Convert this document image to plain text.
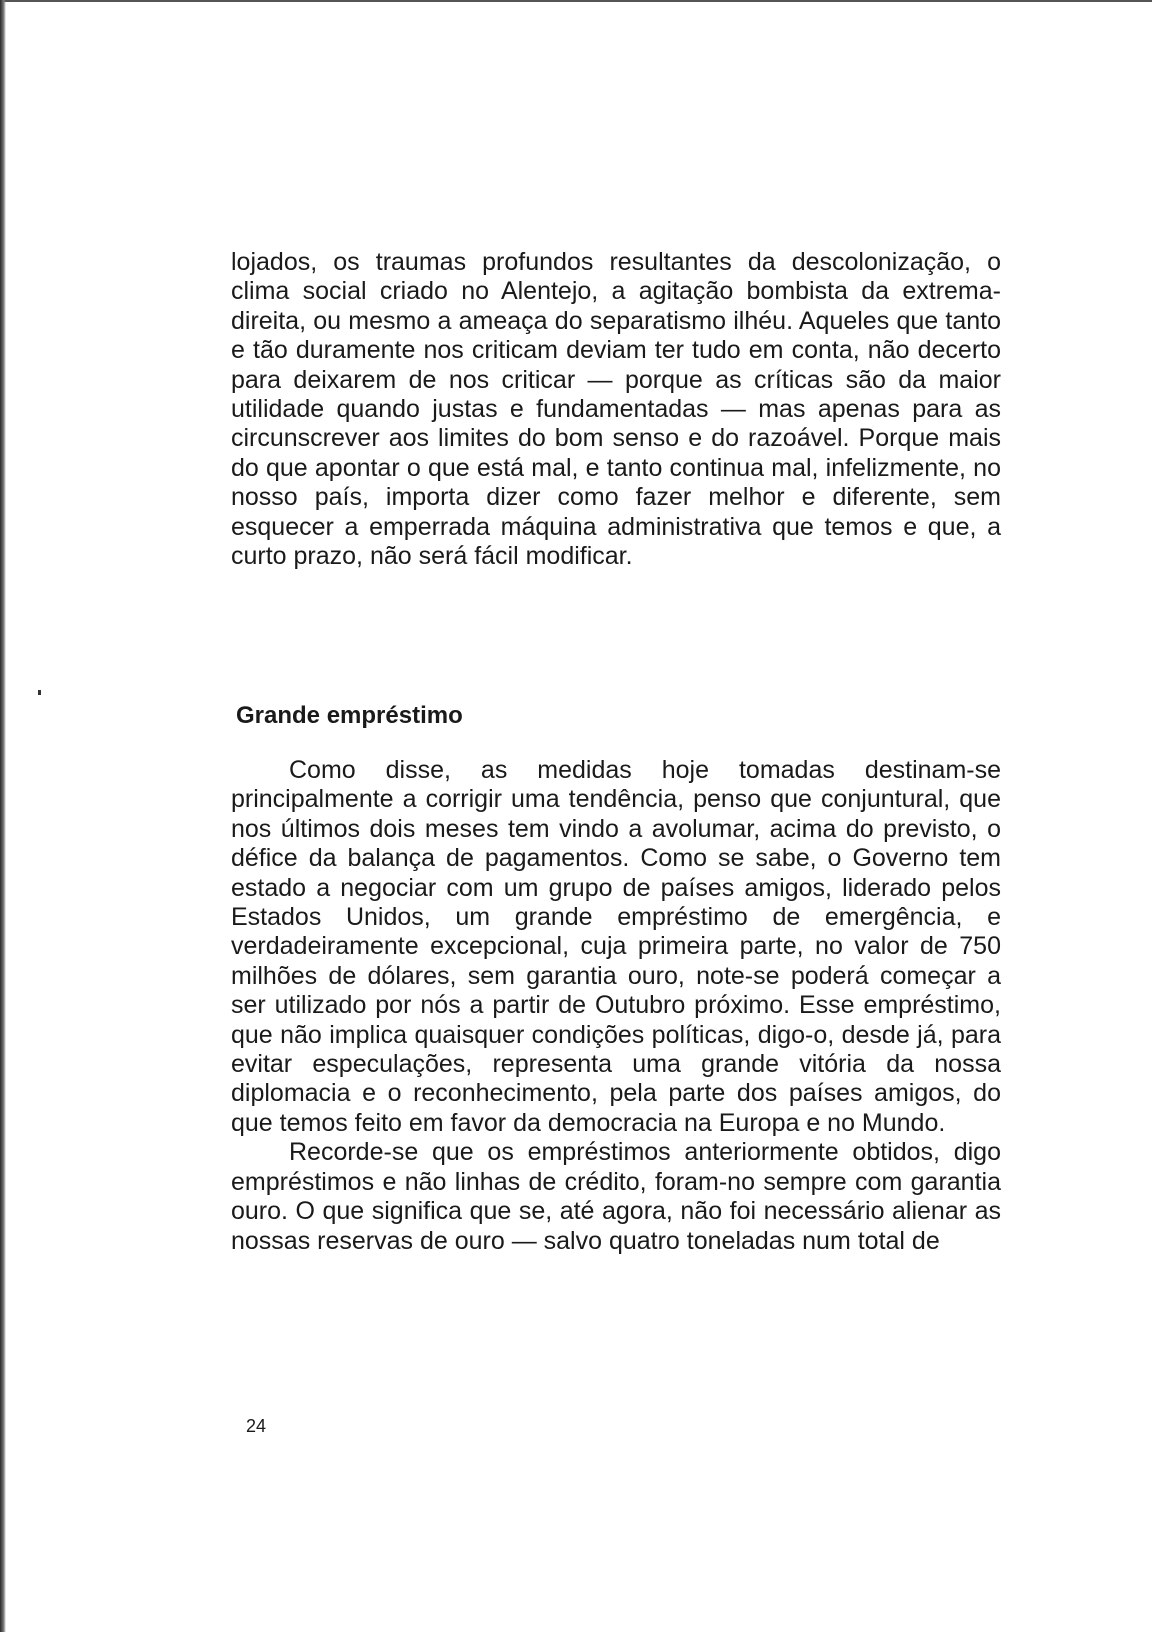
lojados, os traumas profundos resultantes da descolonização, o clima social criado no Alentejo, a agitação bombista da extrema-direita, ou mesmo a ameaça do separatismo ilhéu. Aqueles que tanto e tão duramente nos criticam deviam ter tudo em conta, não decerto para deixarem de nos criticar — porque as críticas são da maior utilidade quando justas e fundamentadas — mas apenas para as circunscrever aos limites do bom senso e do razoável. Porque mais do que apontar o que está mal, e tanto continua mal, infelizmente, no nosso país, importa dizer como fazer melhor e diferente, sem esquecer a emperrada máquina administrativa que temos e que, a curto prazo, não será fácil modificar.

Grande empréstimo

Como disse, as medidas hoje tomadas destinam-se principalmente a corrigir uma tendência, penso que conjuntural, que nos últimos dois meses tem vindo a avolumar, acima do previsto, o défice da balança de pagamentos. Como se sabe, o Governo tem estado a negociar com um grupo de países amigos, liderado pelos Estados Unidos, um grande empréstimo de emergência, e verdadeiramente excepcional, cuja primeira parte, no valor de 750 milhões de dólares, sem garantia ouro, note-se poderá começar a ser utilizado por nós a partir de Outubro próximo. Esse empréstimo, que não implica quaisquer condições políticas, digo-o, desde já, para evitar especulações, representa uma grande vitória da nossa diplomacia e o reconhecimento, pela parte dos países amigos, do que temos feito em favor da democracia na Europa e no Mundo.

Recorde-se que os empréstimos anteriormente obtidos, digo empréstimos e não linhas de crédito, foram-no sempre com garantia ouro. O que significa que se, até agora, não foi necessário alienar as nossas reservas de ouro — salvo quatro toneladas num total de

24
